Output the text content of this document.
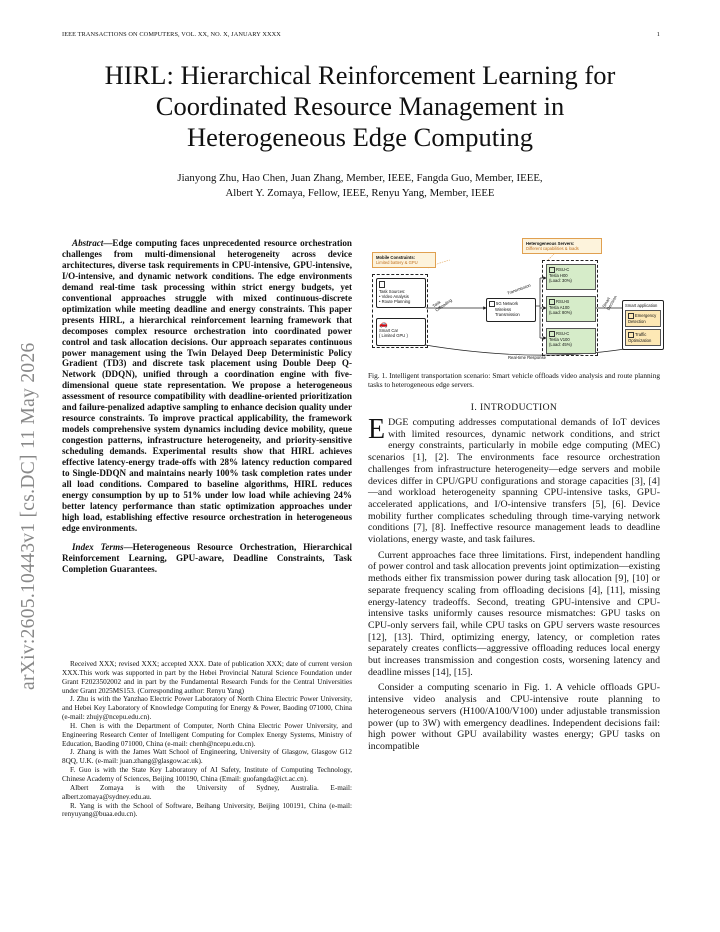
IEEE TRANSACTIONS ON COMPUTERS, VOL. XX, NO. X, JANUARY XXXX	1
arXiv:2605.10443v1 [cs.DC] 11 May 2026
HIRL: Hierarchical Reinforcement Learning for
Coordinated Resource Management in
Heterogeneous Edge Computing
Jianyong Zhu, Hao Chen, Juan Zhang, Member, IEEE, Fangda Guo, Member, IEEE,
Albert Y. Zomaya, Fellow, IEEE, Renyu Yang, Member, IEEE

Abstract—Edge computing faces unprecedented resource orchestration challenges from multi-dimensional heterogeneity across device architectures, diverse task requirements in CPU-intensive, GPU-intensive, I/O-intensive, and dynamic network conditions. The edge environments demand real-time task processing within strict energy budgets, yet conventional approaches struggle with mixed continuous-discrete optimization while meeting deadline and energy constraints. This paper presents HIRL, a hierarchical reinforcement learning framework that decomposes complex resource orchestration into coordinated power control and task allocation decisions. Our approach separates continuous power management using the Twin Delayed Deep Deterministic Policy Gradient (TD3) and discrete task placement using Double Deep Q-Network (DDQN), unified through a coordination engine with five-dimensional queue state representation. We propose a heterogeneous assessment of resource compatibility with deadline-oriented prioritization and failure-penalized adaptive sampling to enhance decision quality under resource constraints. To improve practical applicability, the framework models comprehensive system dynamics including device mobility, queue congestion patterns, infrastructure heterogeneity, and priority-sensitive scheduling demands. Experimental results show that HIRL achieves effective latency-energy trade-offs with 28% latency reduction compared to Single-DDQN and maintains nearly 100% task completion rates under all load conditions. Compared to baseline algorithms, HIRL reduces energy consumption by up to 51% under low load while achieving 24% better latency performance than static optimization approaches under high load, establishing effective resource orchestration in heterogeneous edge environments.

Index Terms—Heterogeneous Resource Orchestration, Hierarchical Reinforcement Learning, GPU-aware, Deadline Constraints, Task Completion Guarantees.

Received XXX; revised XXX; accepted XXX. Date of publication XXX; date of current version XXX.This work was supported in part by the Hebei Provincial Natural Science Foundation under Grant F2023502002 and in part by the Fundamental Research Funds for the Central Universities under Grant 2025MS153. (Corresponding author: Renyu Yang)

J. Zhu is with the Yanzhao Electric Power Laboratory of North China Electric Power University, and Hebei Key Laboratory of Knowledge Computing for Energy & Power, Baoding 071000, China (e-mail: zhujy@ncepu.edu.cn).

H. Chen is with the Department of Computer, North China Electric Power University, and Engineering Research Center of Intelligent Computing for Complex Energy Systems, Ministry of Education, Baoding 071000, China (e-mail: chenh@ncepu.edu.cn).

J. Zhang is with the James Watt School of Engineering, University of Glasgow, Glasgow G12 8QQ, U.K. (e-mail: juan.zhang@glasgow.ac.uk).

F. Guo is with the State Key Laboratory of AI Safety, Institute of Computing Technology, Chinese Academy of Sciences, Beijing 100190, China (Email: guofangda@ict.ac.cn).

Albert Zomaya is with the University of Sydney, Australia. E-mail: albert.zomaya@sydney.edu.au.

R. Yang is with the School of Software, Beihang University, Beijing 100191, China (e-mail: renyuyang@buaa.edu.cn).

Mobile Constraints:
Limited battery & GPU
Task Sources:
• Video Analysis
• Route Planning
🚗
Smart Car
( Limited GPU )
Task Offloading	5G Network
Wireless Transmission
Transmission
Heterogeneous Servers:
Different capabilities & loads
RSU-C
Tesla H00
(Load: 30%)
RSU-B
Tesla A100
(Load: 80%)
RSU-C
Tesla V100
(Load: 45%)
Smart Decision	Smart application
Emergency Detection
Traffic Optimization
Real-time Response
Fig. 1. Intelligent transportation scenario: Smart vehicle offloads video analysis and route planning tasks to heterogeneous edge servers.
I. INTRODUCTION

EDGE computing addresses computational demands of IoT devices with limited resources, dynamic network conditions, and strict energy constraints, particularly in mobile edge computing (MEC) scenarios [1], [2]. The environments face resource orchestration challenges from infrastructure heterogeneity—edge servers and mobile devices differ in CPU/GPU configurations and storage capacities [3], [4]—and workload heterogeneity spanning CPU-intensive tasks, GPU-accelerated applications, and I/O-intensive transfers [5], [6]. Device mobility further complicates scheduling through time-varying network conditions [7], [8]. Ineffective resource management leads to deadline violations, energy waste, and task failures.

Current approaches face three limitations. First, independent handling of power control and task allocation prevents joint optimization—existing methods either fix transmission power during task allocation [9], [10] or separate frequency scaling from offloading decisions [4], [11], missing energy-latency tradeoffs. Second, treating GPU-intensive and CPU-intensive tasks uniformly causes resource mismatches: GPU tasks on CPU-only servers fail, while CPU tasks on GPU servers waste resources [12], [13]. Third, optimizing energy, latency, or completion rates separately creates conflicts—aggressive offloading reduces local energy but increases transmission and congestion costs, worsening latency and deadline misses [14], [15].

Consider a computing scenario in Fig. 1. A vehicle offloads GPU-intensive video analysis and CPU-intensive route planning to heterogeneous servers (H100/A100/V100) under adjustable transmission power (up to 3W) with emergency deadlines. Independent decisions fail: high power without GPU availability wastes energy; GPU tasks on incompatible
